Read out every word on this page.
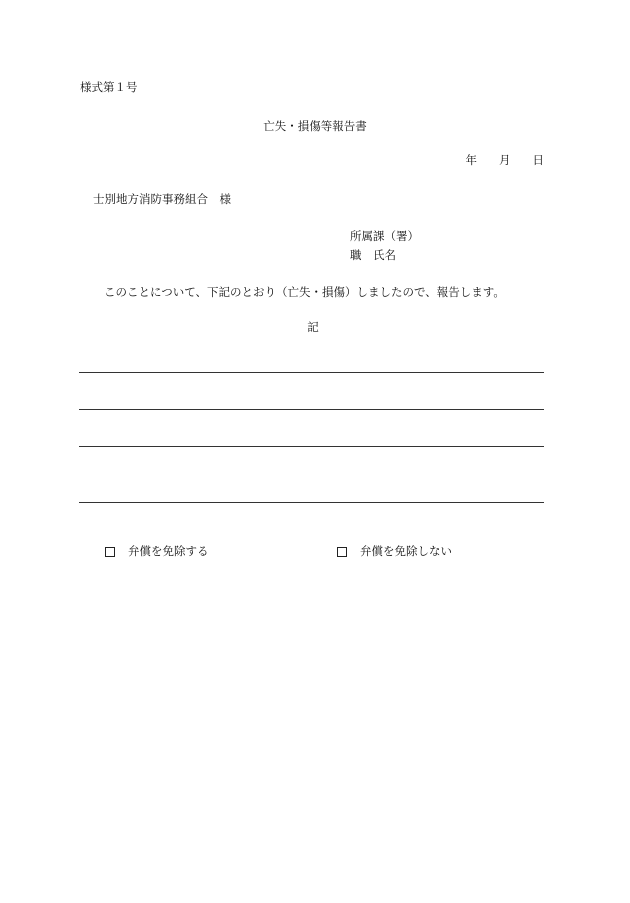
様式第１号
亡失・損傷等報告書
年 月 日
士別地方消防事務組合　様
所属課（署）
職　氏名
このことについて、下記のとおり（亡失・損傷）しましたので、報告します。
記
弁償を免除する	弁償を免除しない
